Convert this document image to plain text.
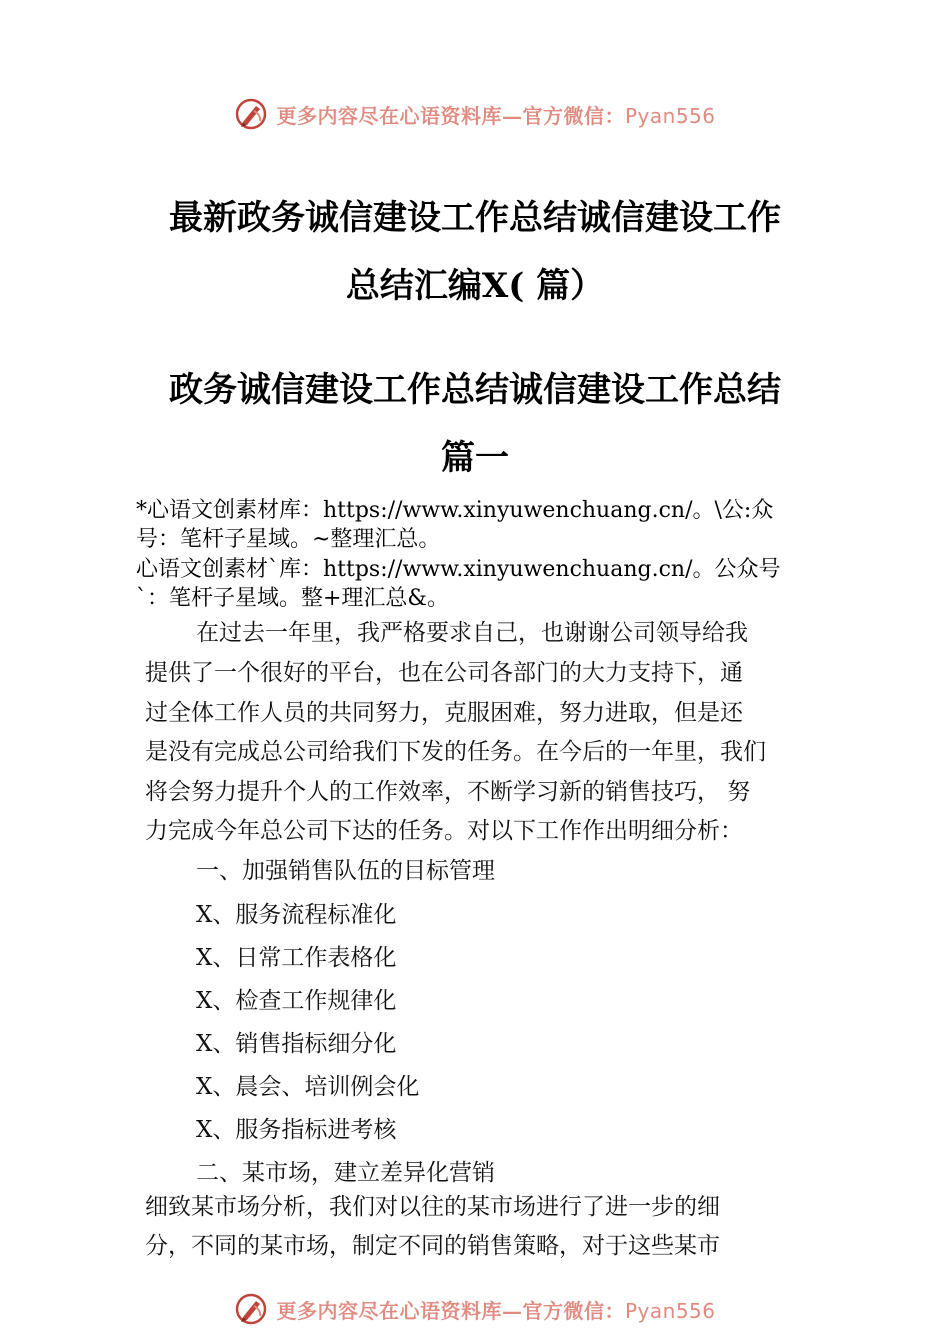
更多内容尽在心语资料库—官方微信：Pyan556
最新政务诚信建设工作总结诚信建设工作
总结汇编X( 篇）
政务诚信建设工作总结诚信建设工作总结
篇一
*心语文创素材库：https://www.xinyuwenchuang.cn/。\公:众
号：笔杆子星域。~整理汇总。
心语文创素材`库：https://www.xinyuwenchuang.cn/。公众号
`：笔杆子星域。整+理汇总&。
在过去一年里，我严格要求自己，也谢谢公司领导给我
提供了一个很好的平台，也在公司各部门的大力支持下，通
过全体工作人员的共同努力，克服困难，努力进取，但是还
是没有完成总公司给我们下发的任务。在今后的一年里，我们
将会努力提升个人的工作效率，不断学习新的销售技巧， 努
力完成今年总公司下达的任务。对以下工作作出明细分析：
一、加强销售队伍的目标管理
X、服务流程标准化
X、日常工作表格化
X、检查工作规律化
X、销售指标细分化
X、晨会、培训例会化
X、服务指标进考核
二、某市场，建立差异化营销
细致某市场分析，我们对以往的某市场进行了进一步的细
分，不同的某市场，制定不同的销售策略，对于这些某市
更多内容尽在心语资料库—官方微信：Pyan556
